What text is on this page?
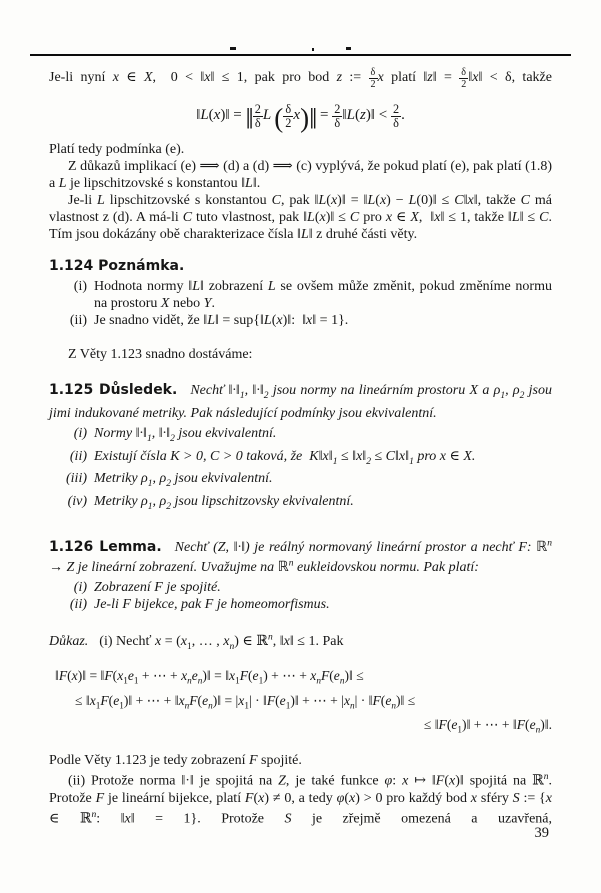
Je-li nyní x ∈ X,  0 < ‖x‖ ≤ 1, pak pro bod z := $\frac{\delta}{2}$ x platí ‖z‖ = $\frac{\delta}{2}$ ‖x‖ < δ, takže

‖L(x)‖ = ‖ $\frac{2}{\delta}$ L  ( $\frac{\delta}{2}$ x)‖ = $\frac{2}{\delta}$ ‖L(z)‖ < $\frac{2}{\delta}$ .

Platí tedy podmínka (e).

Z důkazů implikací (e) ⟹ (d) a (d) ⟹ (c) vyplývá, že pokud platí (e), pak platí (1.8) a L je lipschitzovské s konstantou ‖L‖.

Je-li L lipschitzovské s konstantou C, pak ‖L(x)‖ = ‖L(x) − L(0)‖ ≤ C‖x‖, takže C má vlastnost z (d). A má-li C tuto vlastnost, pak ‖L(x)‖ ≤ C pro x ∈ X,  ‖x‖ ≤ 1, takže ‖L‖ ≤ C. Tím jsou dokázány obě charakterizace čísla ‖L‖ z druhé části věty.

1.124 Poznámka.

(i) Hodnota normy ‖L‖ zobrazení L se ovšem může změnit, pokud změníme normu na prostoru X nebo Y.
(ii) Je snadno vidět, že ‖L‖ = sup{‖L(x)‖:  ‖x‖ = 1}.

Z Věty 1.123 snadno dostáváme:

1.125 Důsledek. Nechť $‖\cdot‖_1$, $‖\cdot‖_2$ jsou normy na lineárním prostoru X a $\rho_1$, $\rho_2$ jsou jimi indukované metriky. Pak následující podmínky jsou ekvivalentní.

(i) Normy $‖\cdot‖_1$, $‖\cdot‖_2$ jsou ekvivalentní.
(ii) Existují čísla K > 0, C > 0 taková, že  $K‖x‖_1$ ≤ $‖x‖_2$ ≤ $C‖x‖_1$ pro x ∈ X.
(iii) Metriky $\rho_1$, $\rho_2$ jsou ekvivalentní.
(iv) Metriky $\rho_1$, $\rho_2$ jsou lipschitzovsky ekvivalentní.

1.126 Lemma. Nechť (Z, ‖·‖) je reálný normovaný lineární prostor a nechť F: ℝ$^n$ → Z je lineární zobrazení. Uvažujme na ℝ$^n$ eukleidovskou normu. Pak platí:

(i) Zobrazení F je spojité.
(ii) Je-li F bijekce, pak F je homeomorfismus.

Důkaz. (i) Nechť $x = (x_1$, … , $x_n$) ∈ ℝ$^n$, ‖x‖ ≤ 1. Pak

‖F(x)‖ = $‖F(x_1e_1$ + ⋯ + $x_ne_n)‖$ = $‖x_1F(e_1)$ + ⋯ + $x_nF(e_n)‖$ ≤
≤ $‖x_1F(e_1)‖$ + ⋯ + $‖x_nF(e_n)‖ = |x_1|$ · $‖F(e_1)‖$ + ⋯ + $|x_n|$ · $‖F(e_n)‖$ ≤
≤ $‖F(e_1)‖$ + ⋯ + $‖F(e_n)‖$.

Podle Věty 1.123 je tedy zobrazení F spojité.

(ii) Protože norma ‖·‖ je spojitá na Z, je také funkce φ: x ↦ ‖F(x)‖ spojitá na ℝ$^n$. Protože F je lineární bijekce, platí F(x) ≠ 0, a tedy φ(x) > 0 pro každý bod x sféry S := {x ∈ ℝ$^n$: ‖x‖ = 1}. Protože S je zřejmě omezená a uzavřená,

39
